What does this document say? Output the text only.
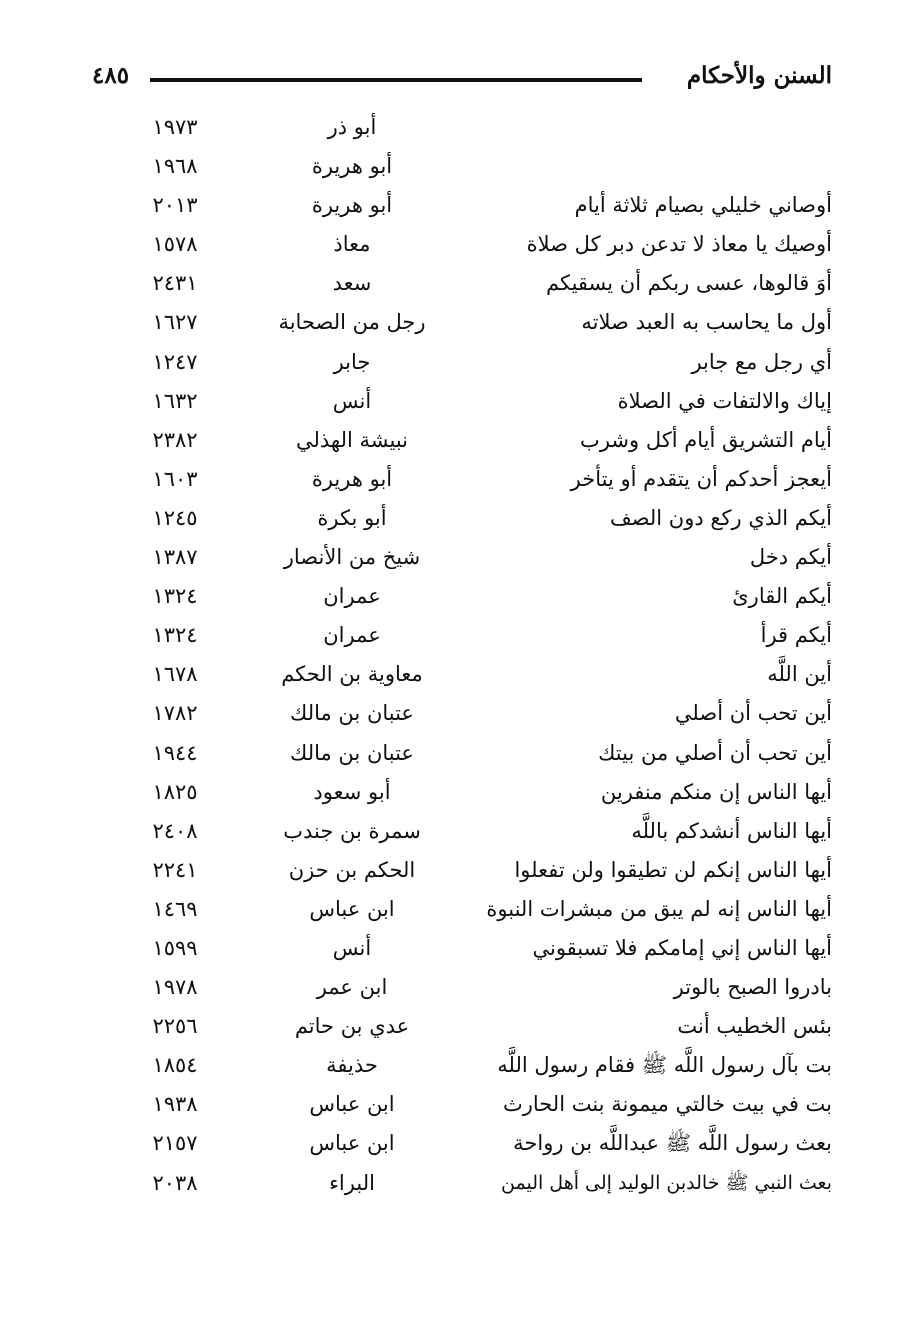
السنن والأحكام
٤٨٥
أبو ذر
١٩٧٣
أبو هريرة
١٩٦٨
أوصاني خليلي بصيام ثلاثة أيام
أبو هريرة
٢٠١٣
أوصيك يا معاذ لا تدعن دبر كل صلاة
معاذ
١٥٧٨
أوَ قالوها، عسى ربكم أن يسقيكم
سعد
٢٤٣١
أول ما يحاسب به العبد صلاته
رجل من الصحابة
١٦٢٧
أي رجل مع جابر
جابر
١٢٤٧
إياك والالتفات في الصلاة
أنس
١٦٣٢
أيام التشريق أيام أكل وشرب
نبيشة الهذلي
٢٣٨٢
أيعجز أحدكم أن يتقدم أو يتأخر
أبو هريرة
١٦٠٣
أيكم الذي ركع دون الصف
أبو بكرة
١٢٤٥
أيكم دخل
شيخ من الأنصار
١٣٨٧
أيكم القارئ
عمران
١٣٢٤
أيكم قرأ
عمران
١٣٢٤
أين اللَّه
معاوية بن الحكم
١٦٧٨
أين تحب أن أصلي
عتبان بن مالك
١٧٨٢
أين تحب أن أصلي من بيتك
عتبان بن مالك
١٩٤٤
أيها الناس إن منكم منفرين
أبو سعود
١٨٢٥
أيها الناس أنشدكم باللَّه
سمرة بن جندب
٢٤٠٨
أيها الناس إنكم لن تطيقوا ولن تفعلوا
الحكم بن حزن
٢٢٤١
أيها الناس إنه لم يبق من مبشرات النبوة
ابن عباس
١٤٦٩
أيها الناس إني إمامكم فلا تسبقوني
أنس
١٥٩٩
بادروا الصبح بالوتر
ابن عمر
١٩٧٨
بئس الخطيب أنت
عدي بن حاتم
٢٢٥٦
بت بآل رسول اللَّه ﷺ فقام رسول اللَّه
حذيفة
١٨٥٤
بت في بيت خالتي ميمونة بنت الحارث
ابن عباس
١٩٣٨
بعث رسول اللَّه ﷺ عبداللَّه بن رواحة
ابن عباس
٢١٥٧
بعث النبي ﷺ خالدبن الوليد إلى أهل اليمن
البراء
٢٠٣٨
